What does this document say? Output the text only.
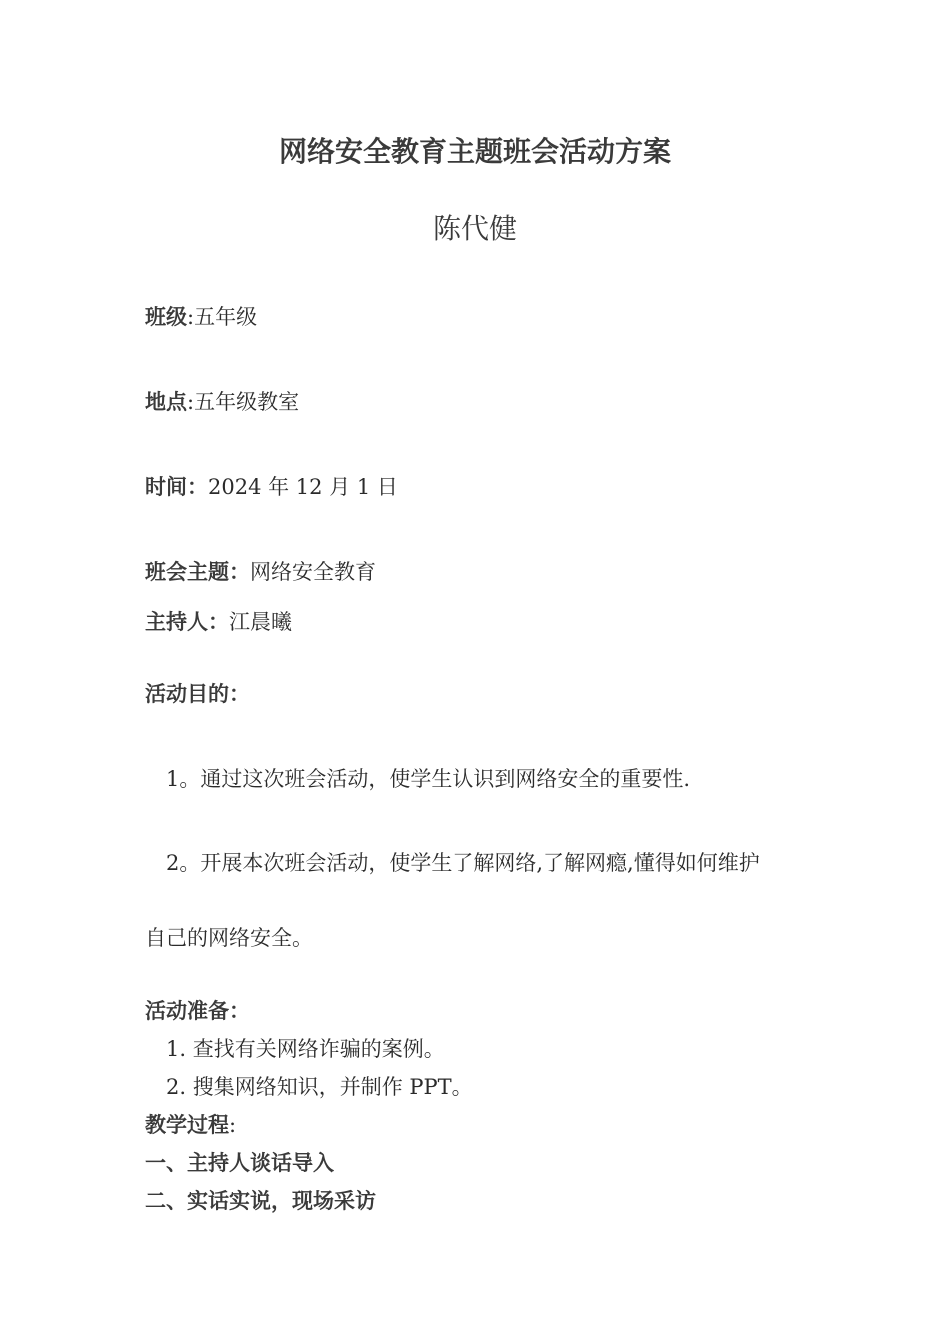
网络安全教育主题班会活动方案
陈代健
班级:五年级
地点:五年级教室
时间：2024 年 12 月 1 日
班会主题：网络安全教育
主持人：江晨曦
活动目的：
1。通过这次班会活动，使学生认识到网络安全的重要性.
2。开展本次班会活动，使学生了解网络,了解网瘾,懂得如何维护
自己的网络安全。
活动准备：
1. 查找有关网络诈骗的案例。
2. 搜集网络知识，并制作 PPT。
教学过程:
一、主持人谈话导入
二、实话实说，现场采访
